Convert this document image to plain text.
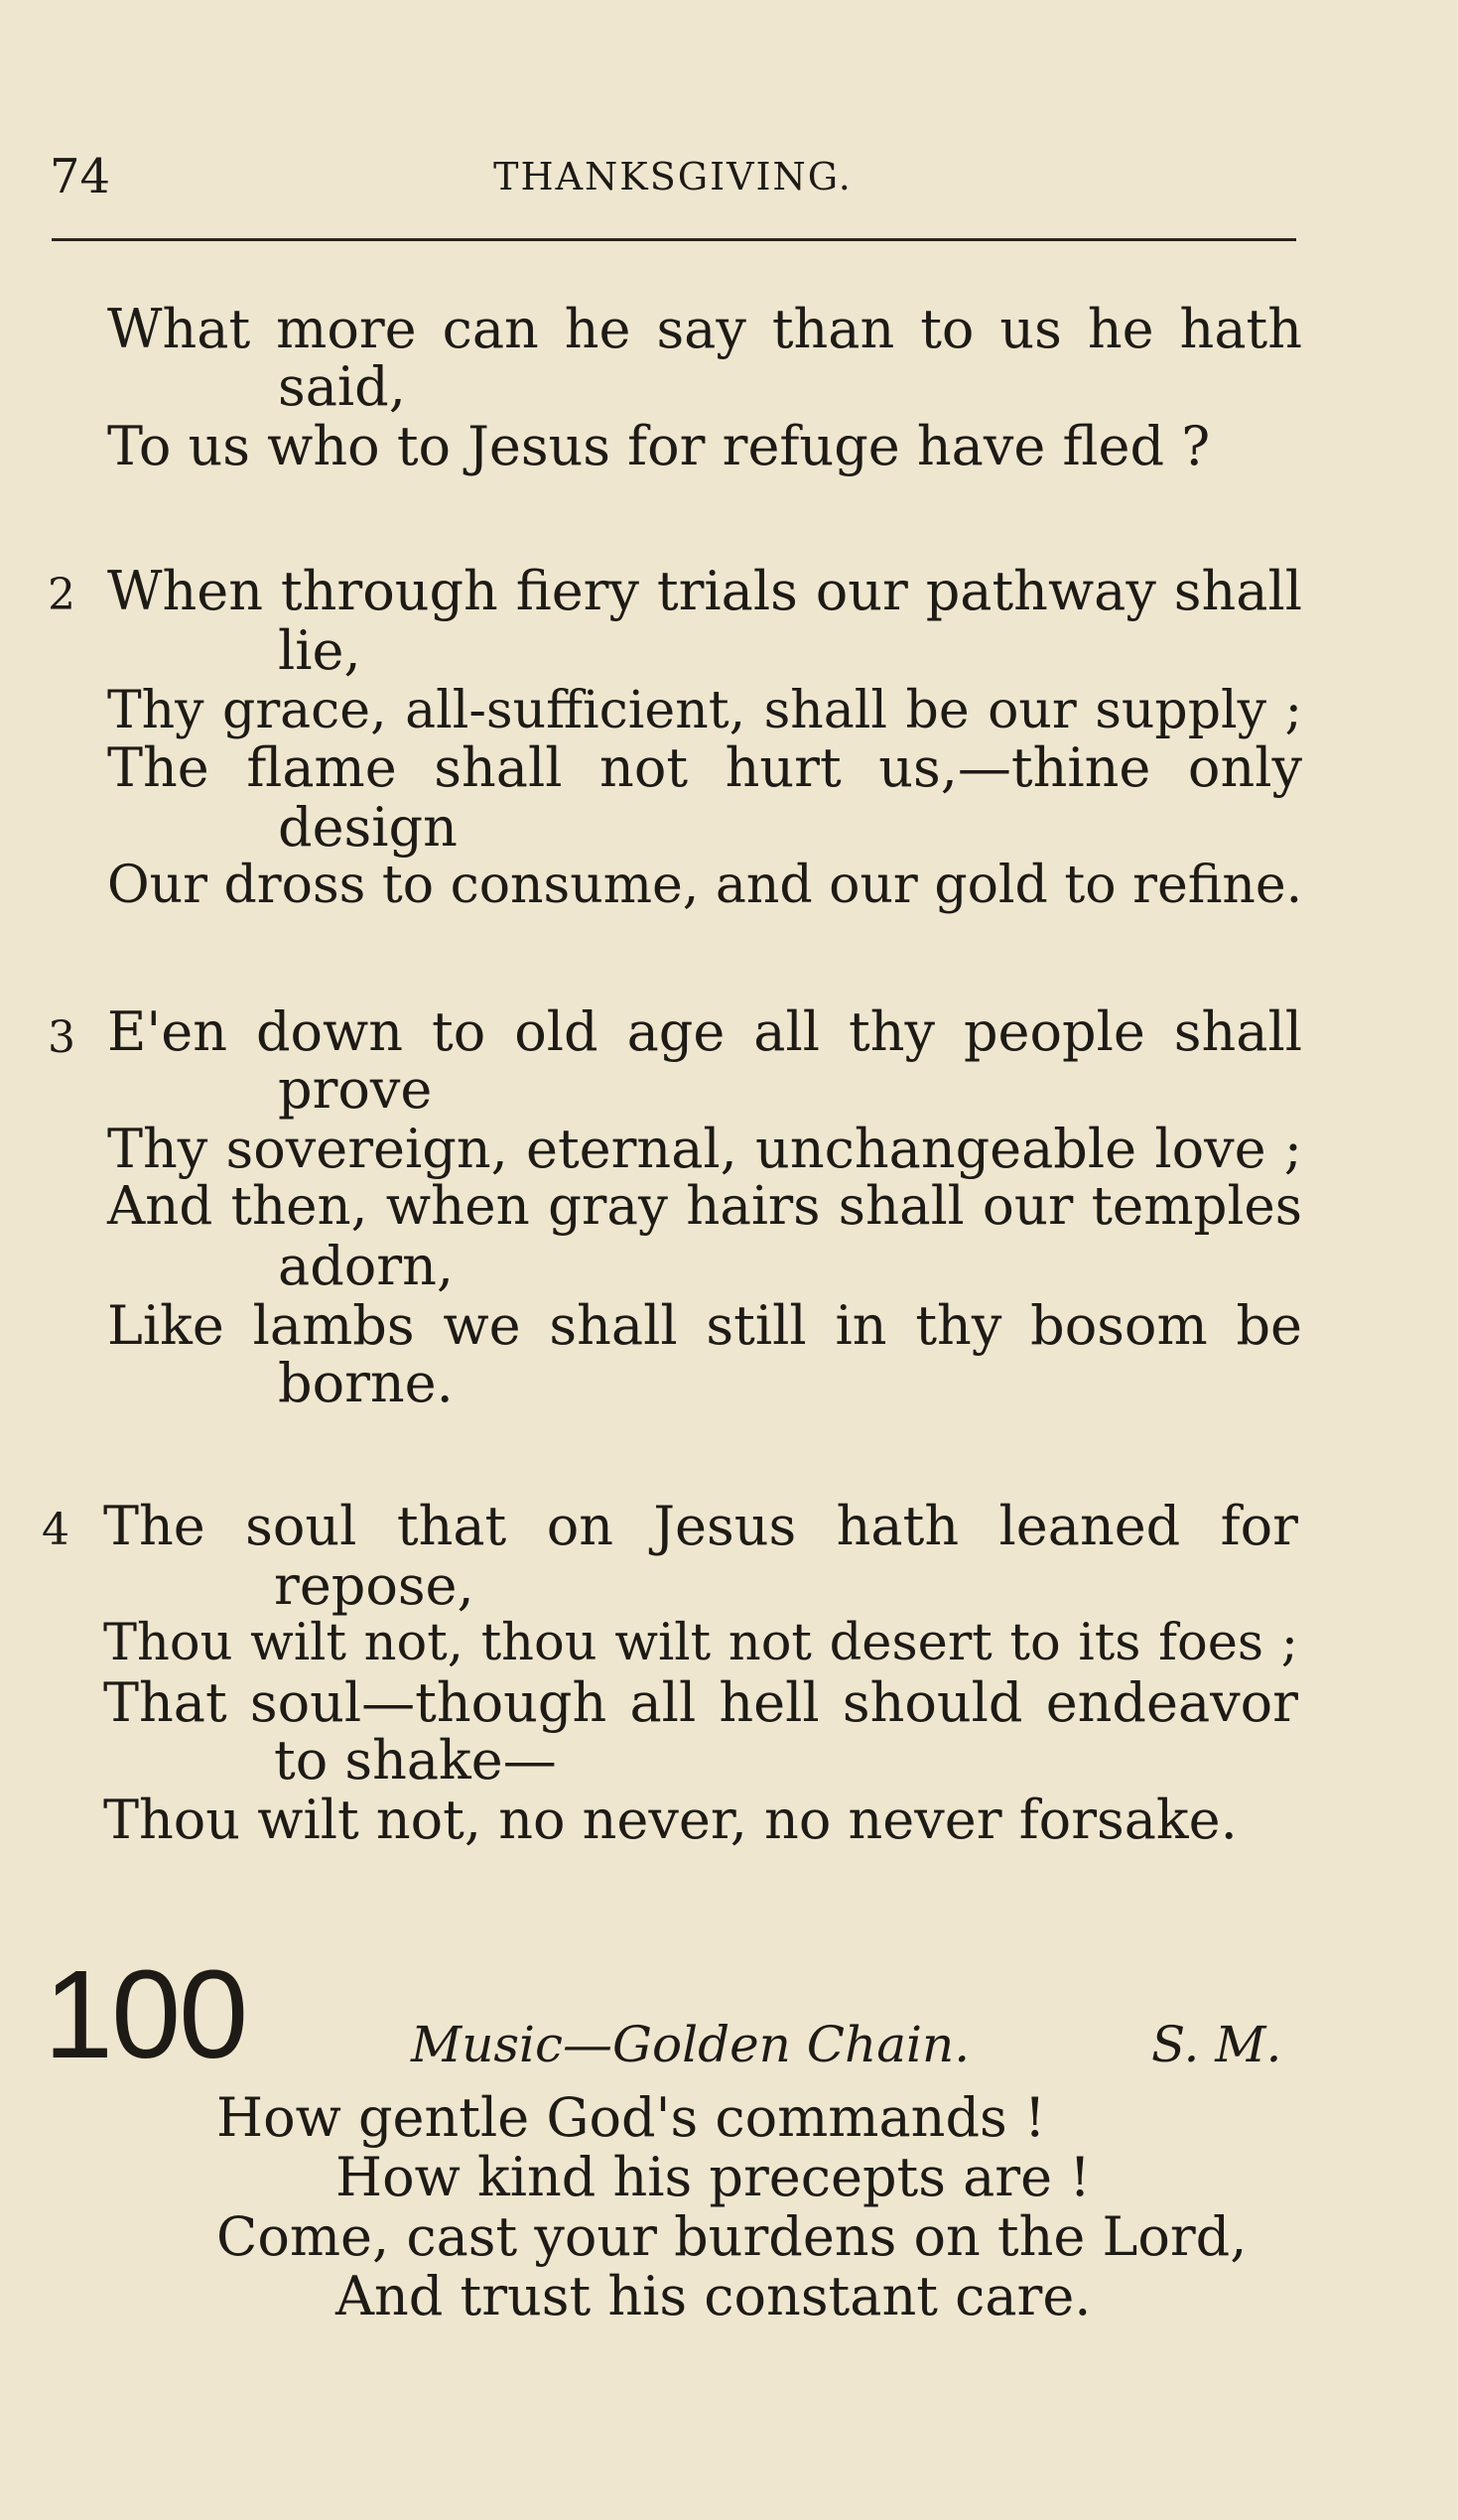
74	THANKSGIVING.
What more can he say than to us he hath
said,
To us who to Jesus for refuge have fled ?
2 When through fiery trials our pathway shall
lie,
Thy grace, all-sufficient, shall be our supply ;
The flame shall not hurt us,—thine only
design
Our dross to consume, and our gold to refine.
3 E'en down to old age all thy people shall
prove
Thy sovereign, eternal, unchangeable love ;
And then, when gray hairs shall our temples
adorn,
Like lambs we shall still in thy bosom be
borne.
4 The soul that on Jesus hath leaned for
repose,
Thou wilt not, thou wilt not desert to its foes ;
That soul—though all hell should endeavor
to shake—
Thou wilt not, no never, no never forsake.
100	Music—Golden Chain.	S. M.
How gentle God's commands !
How kind his precepts are !
Come, cast your burdens on the Lord,
And trust his constant care.
